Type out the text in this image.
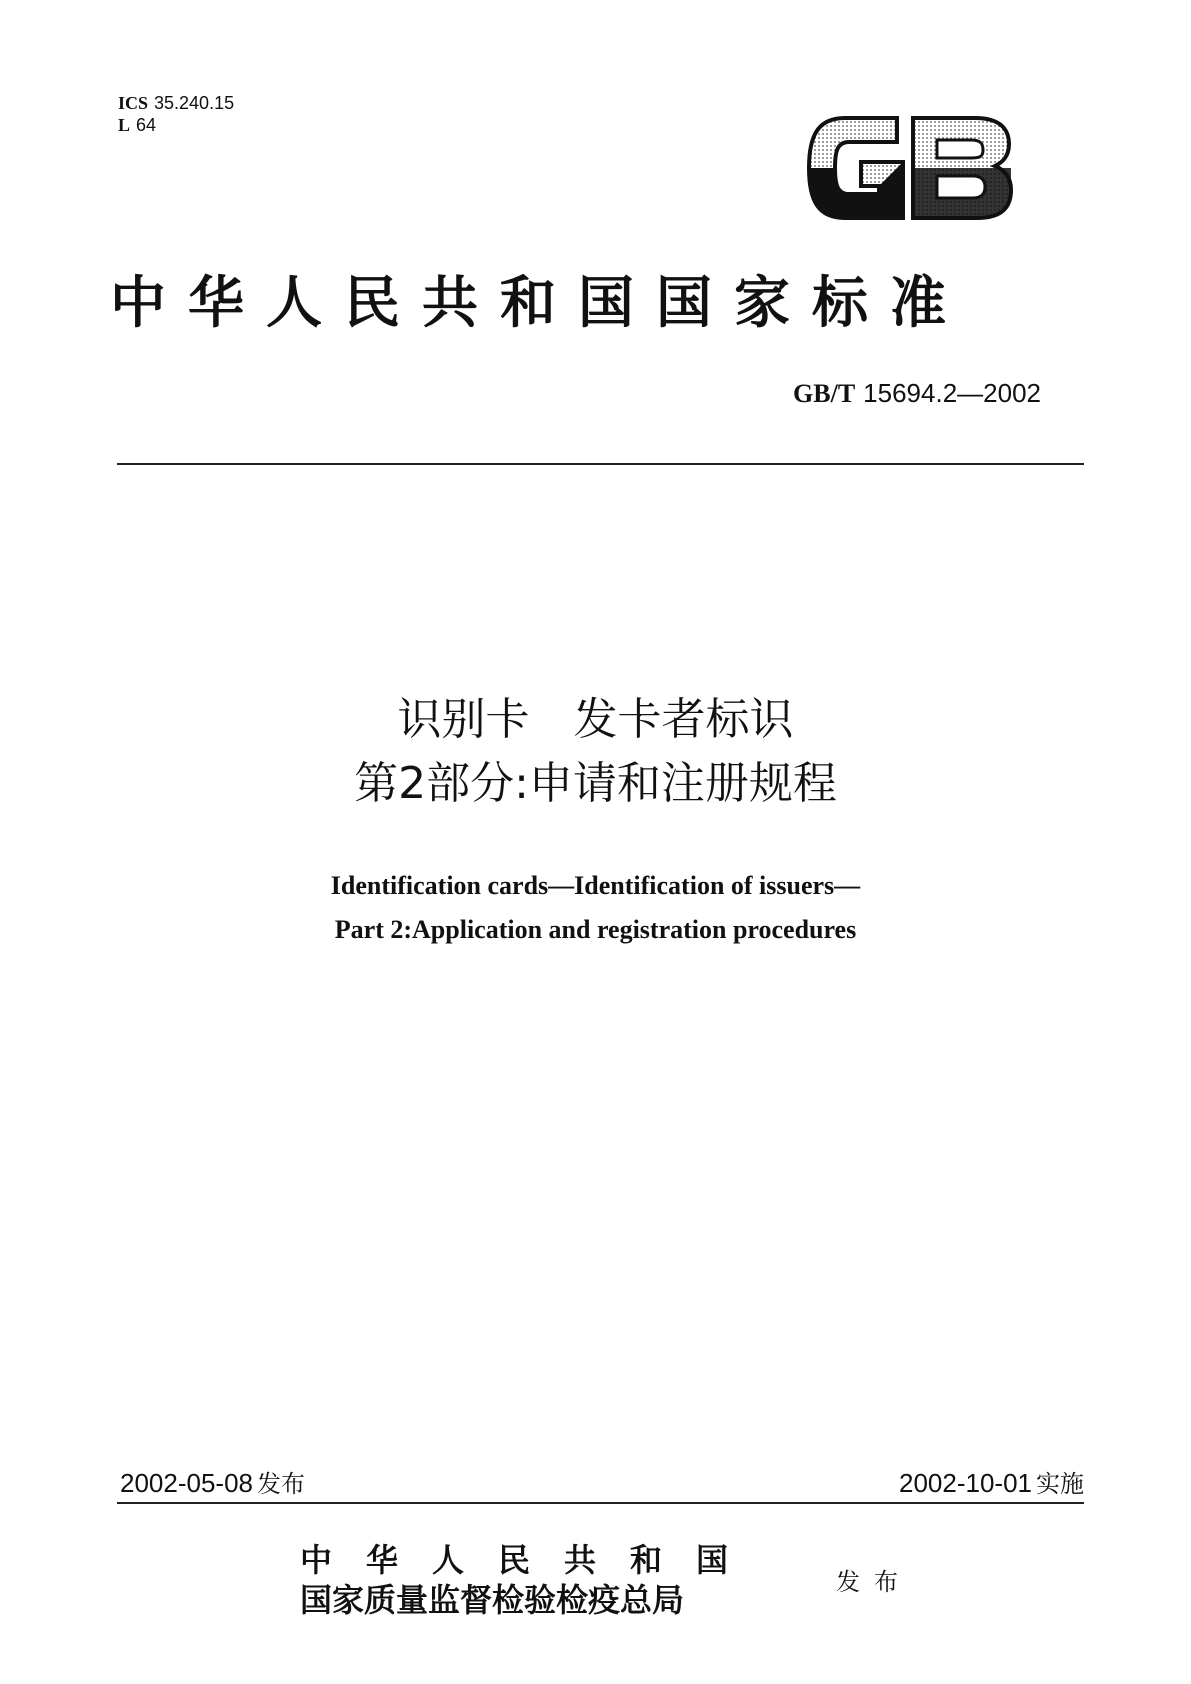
ICS 35.240.15
L 64
中华人民共和国国家标准
GB/T 15694.2—2002
识别卡　发卡者标识
第2部分:申请和注册规程
Identification cards—Identification of issuers—
Part 2:Application and registration procedures
2002-05-08 发布	2002-10-01 实施
中华人民共和国
国家质量监督检验检疫总局	发布
